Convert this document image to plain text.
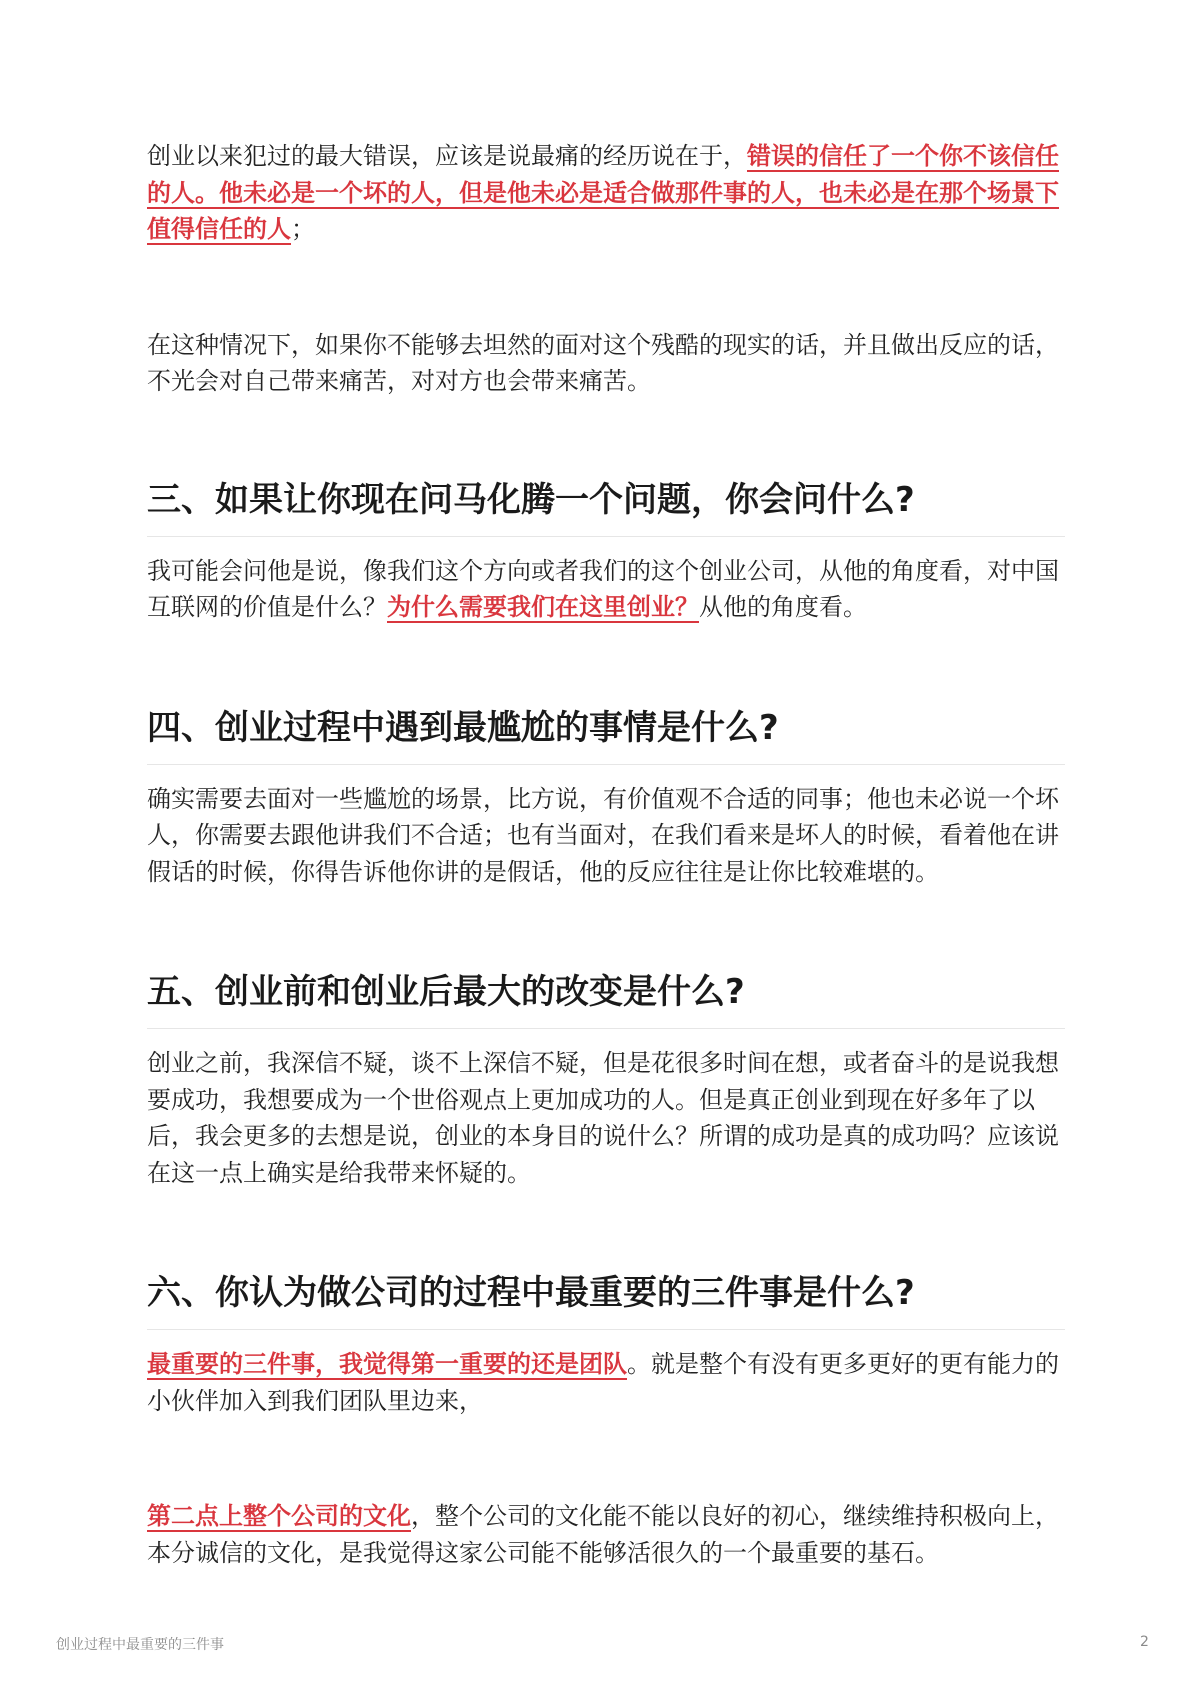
创业以来犯过的最大错误，应该是说最痛的经历说在于，错误的信任了一个你不该信任的人。他未必是一个坏的人，但是他未必是适合做那件事的人，也未必是在那个场景下值得信任的人；

在这种情况下，如果你不能够去坦然的面对这个残酷的现实的话，并且做出反应的话，不光会对自己带来痛苦，对对方也会带来痛苦。

三、如果让你现在问马化腾一个问题，你会问什么?

我可能会问他是说，像我们这个方向或者我们的这个创业公司，从他的角度看，对中国互联网的价值是什么？为什么需要我们在这里创业？从他的角度看。

四、创业过程中遇到最尴尬的事情是什么?

确实需要去面对一些尴尬的场景，比方说，有价值观不合适的同事；他也未必说一个坏人，你需要去跟他讲我们不合适；也有当面对，在我们看来是坏人的时候，看着他在讲假话的时候，你得告诉他你讲的是假话，他的反应往往是让你比较难堪的。

五、创业前和创业后最大的改变是什么?

创业之前，我深信不疑，谈不上深信不疑，但是花很多时间在想，或者奋斗的是说我想要成功，我想要成为一个世俗观点上更加成功的人。但是真正创业到现在好多年了以后，我会更多的去想是说，创业的本身目的说什么？所谓的成功是真的成功吗？应该说在这一点上确实是给我带来怀疑的。

六、你认为做公司的过程中最重要的三件事是什么?

最重要的三件事，我觉得第一重要的还是团队。就是整个有没有更多更好的更有能力的小伙伴加入到我们团队里边来，

第二点上整个公司的文化，整个公司的文化能不能以良好的初心，继续维持积极向上，本分诚信的文化，是我觉得这家公司能不能够活很久的一个最重要的基石。

创业过程中最重要的三件事	2
